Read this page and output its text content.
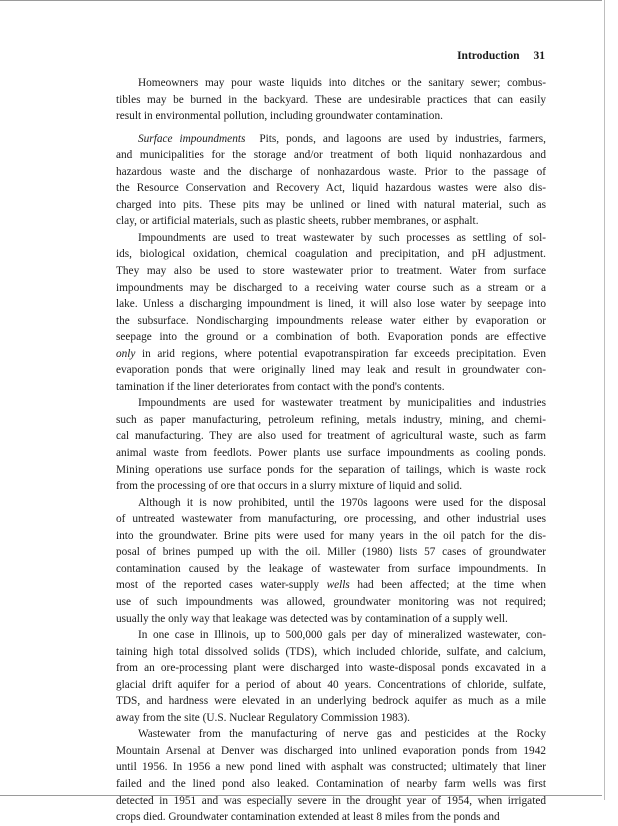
Introduction 31
Homeowners may pour waste liquids into ditches or the sanitary sewer; combus-
tibles may be burned in the backyard. These are undesirable practices that can easily
result in environmental pollution, including groundwater contamination.
Surface impoundments Pits, ponds, and lagoons are used by industries, farmers,
and municipalities for the storage and/or treatment of both liquid nonhazardous and
hazardous waste and the discharge of nonhazardous waste. Prior to the passage of
the Resource Conservation and Recovery Act, liquid hazardous wastes were also dis-
charged into pits. These pits may be unlined or lined with natural material, such as
clay, or artificial materials, such as plastic sheets, rubber membranes, or asphalt.
Impoundments are used to treat wastewater by such processes as settling of sol-
ids, biological oxidation, chemical coagulation and precipitation, and pH adjustment.
They may also be used to store wastewater prior to treatment. Water from surface
impoundments may be discharged to a receiving water course such as a stream or a
lake. Unless a discharging impoundment is lined, it will also lose water by seepage into
the subsurface. Nondischarging impoundments release water either by evaporation or
seepage into the ground or a combination of both. Evaporation ponds are effective
only in arid regions, where potential evapotranspiration far exceeds precipitation. Even
evaporation ponds that were originally lined may leak and result in groundwater con-
tamination if the liner deteriorates from contact with the pond's contents.
Impoundments are used for wastewater treatment by municipalities and industries
such as paper manufacturing, petroleum refining, metals industry, mining, and chemi-
cal manufacturing. They are also used for treatment of agricultural waste, such as farm
animal waste from feedlots. Power plants use surface impoundments as cooling ponds.
Mining operations use surface ponds for the separation of tailings, which is waste rock
from the processing of ore that occurs in a slurry mixture of liquid and solid.
Although it is now prohibited, until the 1970s lagoons were used for the disposal
of untreated wastewater from manufacturing, ore processing, and other industrial uses
into the groundwater. Brine pits were used for many years in the oil patch for the dis-
posal of brines pumped up with the oil. Miller (1980) lists 57 cases of groundwater
contamination caused by the leakage of wastewater from surface impoundments. In
most of the reported cases water-supply wells had been affected; at the time when
use of such impoundments was allowed, groundwater monitoring was not required;
usually the only way that leakage was detected was by contamination of a supply well.
In one case in Illinois, up to 500,000 gals per day of mineralized wastewater, con-
taining high total dissolved solids (TDS), which included chloride, sulfate, and calcium,
from an ore-processing plant were discharged into waste-disposal ponds excavated in a
glacial drift aquifer for a period of about 40 years. Concentrations of chloride, sulfate,
TDS, and hardness were elevated in an underlying bedrock aquifer as much as a mile
away from the site (U.S. Nuclear Regulatory Commission 1983).
Wastewater from the manufacturing of nerve gas and pesticides at the Rocky
Mountain Arsenal at Denver was discharged into unlined evaporation ponds from 1942
until 1956. In 1956 a new pond lined with asphalt was constructed; ultimately that liner
failed and the lined pond also leaked. Contamination of nearby farm wells was first
detected in 1951 and was especially severe in the drought year of 1954, when irrigated
crops died. Groundwater contamination extended at least 8 miles from the ponds and
